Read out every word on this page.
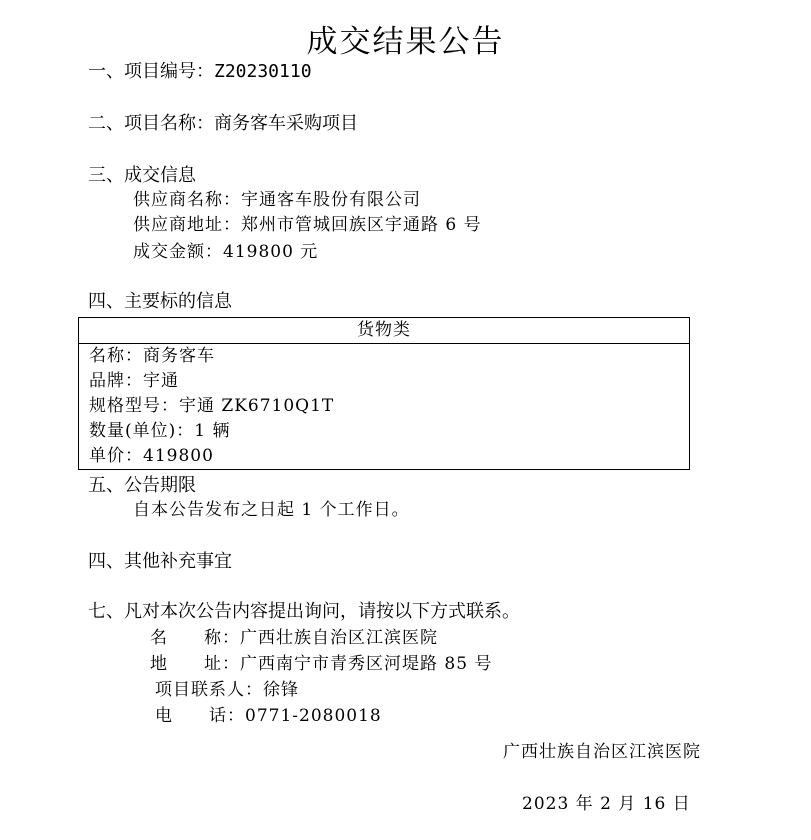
成交结果公告
一、项目编号：Z20230110
二、项目名称：商务客车采购项目
三、成交信息
供应商名称：宇通客车股份有限公司
供应商地址：郑州市管城回族区宇通路 6 号
成交金额：419800 元
四、主要标的信息
货物类
名称：商务客车
品牌：宇通
规格型号：宇通 ZK6710Q1T
数量(单位)：1 辆
单价：419800
五、公告期限
自本公告发布之日起 1 个工作日。
四、其他补充事宜
七、凡对本次公告内容提出询问，请按以下方式联系。
名　　称：广西壮族自治区江滨医院
地　　址：广西南宁市青秀区河堤路 85 号
项目联系人：徐锋
电　　话：0771-2080018
广西壮族自治区江滨医院
2023 年 2 月 16 日
